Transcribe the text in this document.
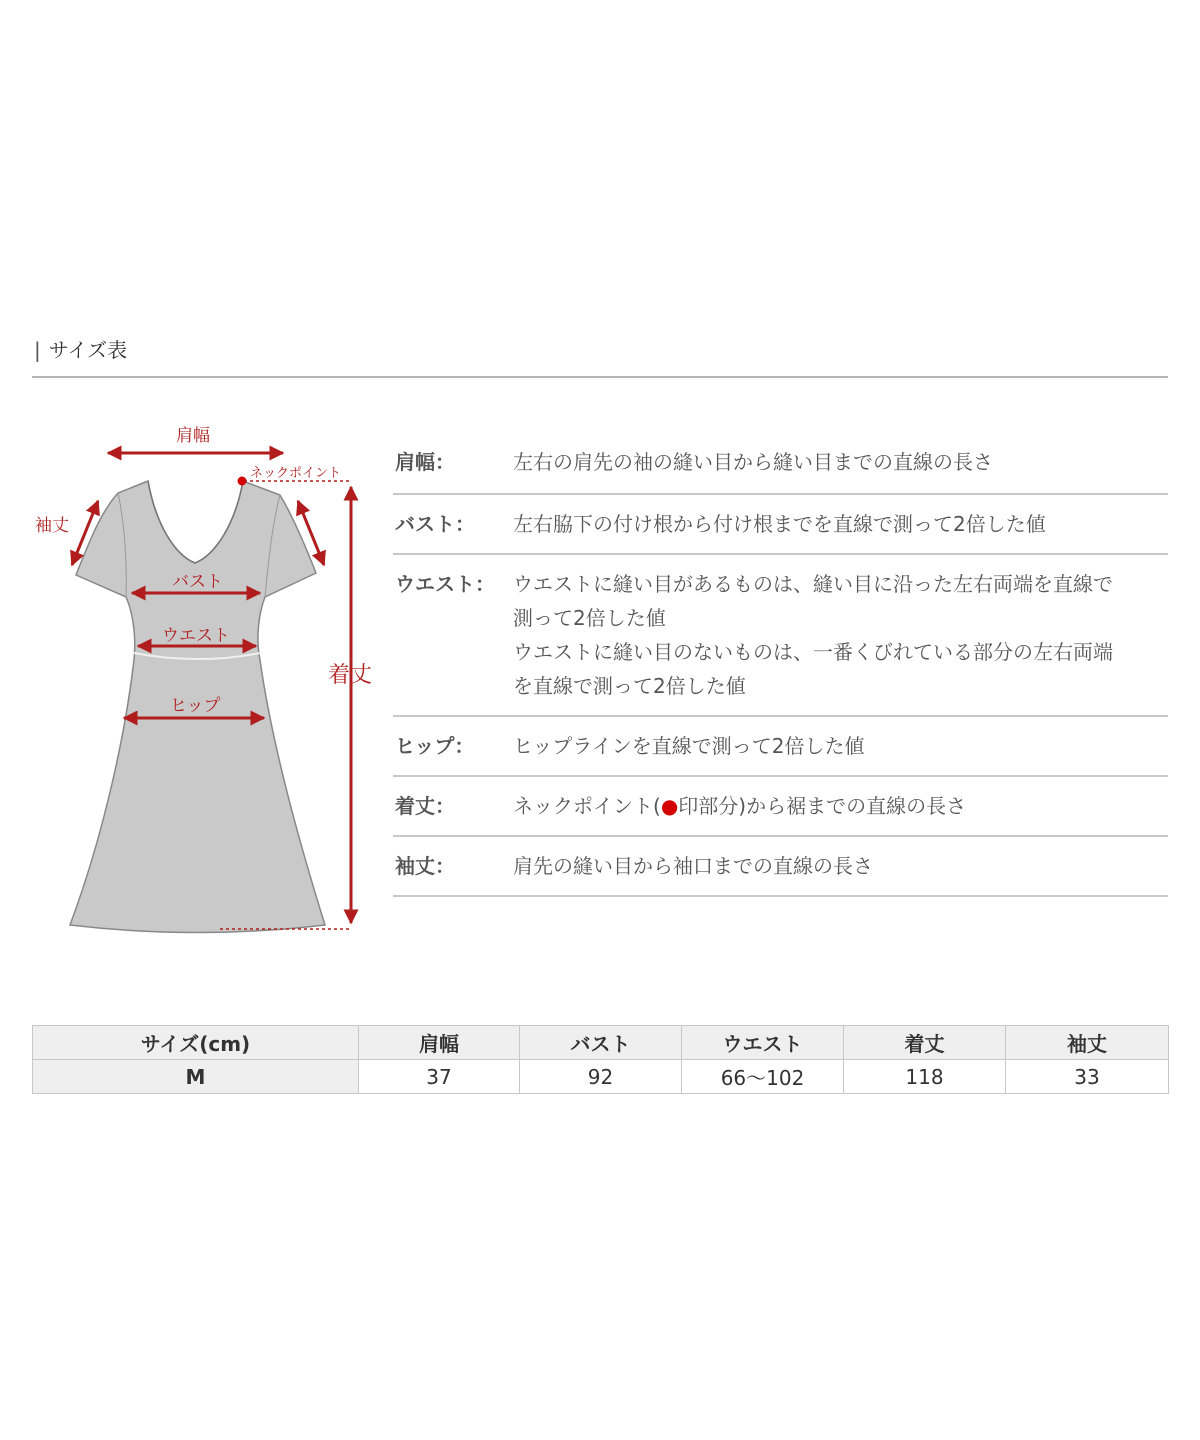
| サイズ表
肩幅
ネックポイント
着丈
袖丈
バスト
ウエスト
ヒップ
肩幅：	左右の肩先の袖の縫い目から縫い目までの直線の長さ
バスト：	左右脇下の付け根から付け根までを直線で測って2倍した値
ウエスト： ウエストに縫い目があるものは、縫い目に沿った左右両端を直線で
測って2倍した値
ウエストに縫い目のないものは、一番くびれている部分の左右両端
を直線で測って2倍した値
ヒップ：	ヒップラインを直線で測って2倍した値
着丈：	ネックポイント(●印部分)から裾までの直線の長さ
袖丈：	肩先の縫い目から袖口までの直線の長さ
サイズ(cm)	肩幅	バスト	ウエスト	着丈	袖丈
M	37	92	66〜102	118	33
